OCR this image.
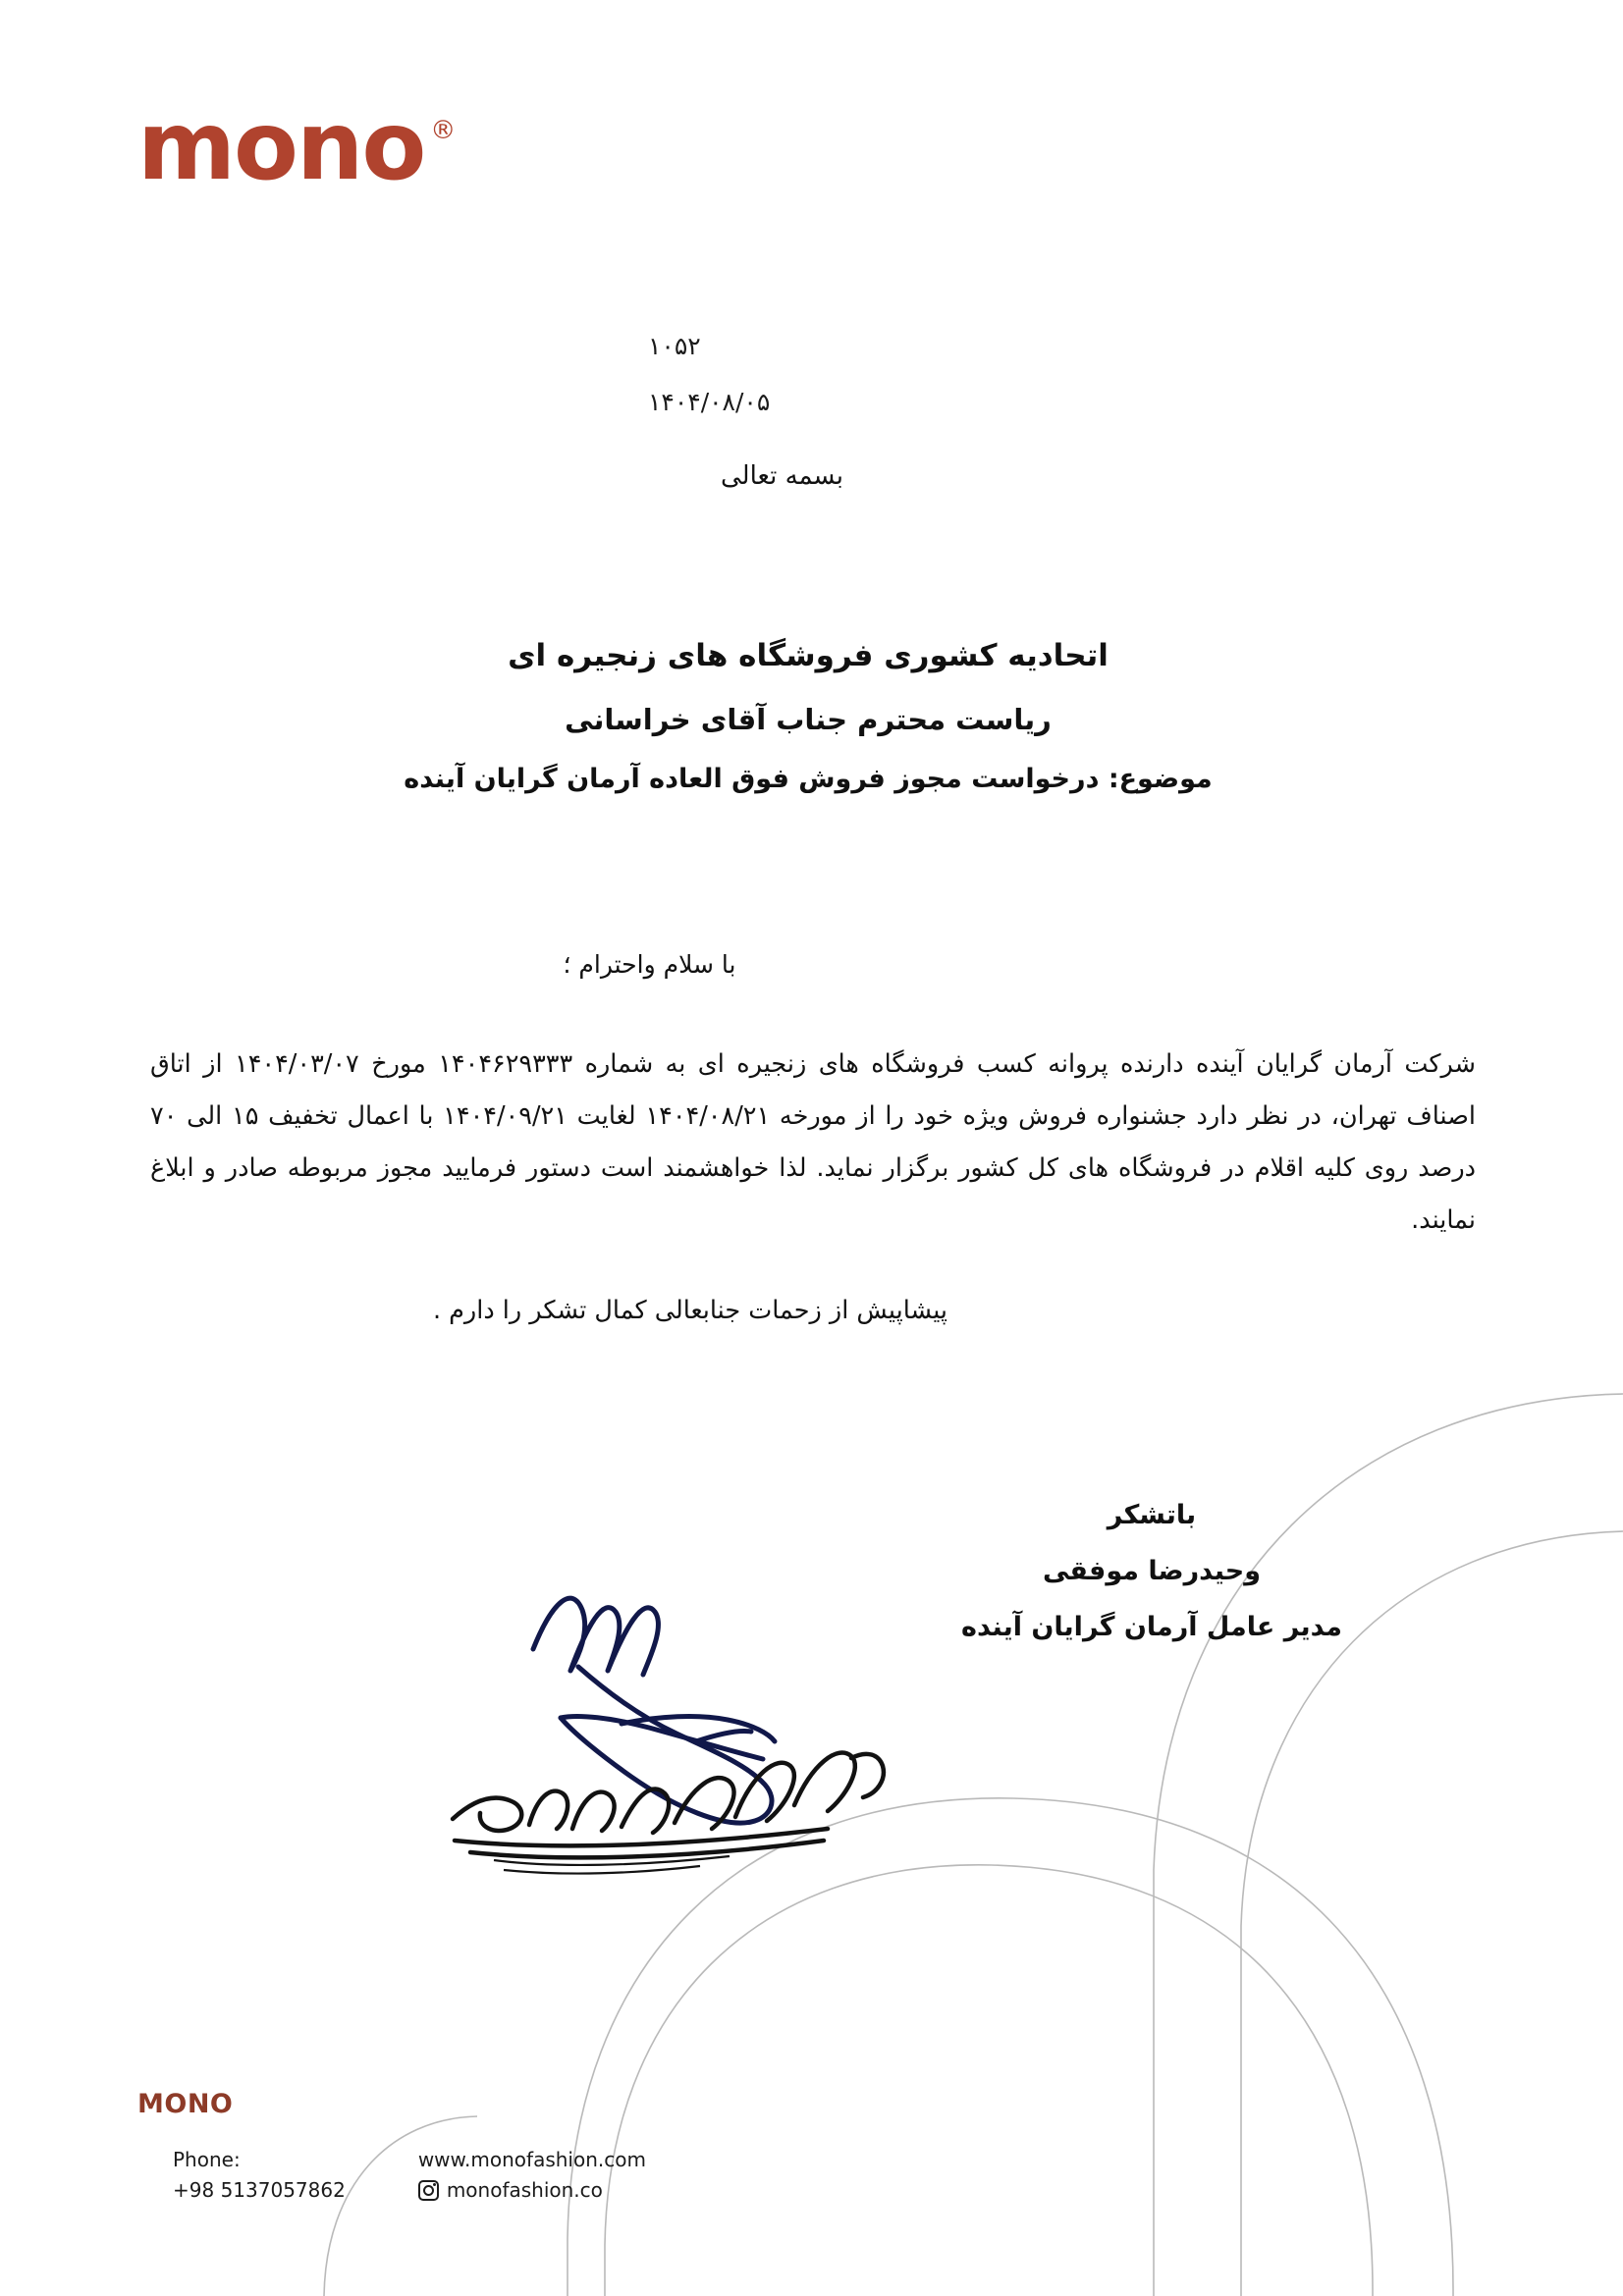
mono ®
۱۰۵۲
۱۴۰۴/۰۸/۰۵
بسمه تعالی
اتحادیه کشوری فروشگاه های زنجیره ای
ریاست محترم جناب آقای خراسانی
موضوع: درخواست مجوز فروش فوق العاده آرمان گرایان آینده
با سلام واحترام ؛
شرکت آرمان گرایان آینده دارنده پروانه کسب فروشگاه های زنجیره ای به شماره ۱۴۰۴۶۲۹۳۳۳ مورخ ۱۴۰۴/۰۳/۰۷ از اتاق اصناف تهران، در نظر دارد جشنواره فروش ویژه خود را از مورخه ۱۴۰۴/۰۸/۲۱ لغایت ۱۴۰۴/۰۹/۲۱ با اعمال تخفیف ۱۵ الی ۷۰ درصد روی کلیه اقلام در فروشگاه های کل کشور برگزار نماید. لذا خواهشمند است دستور فرمایید مجوز مربوطه صادر و ابلاغ نمایند.
پیشاپیش از زحمات جنابعالی کمال تشکر را دارم .
باتشکر
وحیدرضا موفقی
مدیر عامل آرمان گرایان آینده
MONO
Phone:
+98 5137057862
www.monofashion.com
monofashion.co
